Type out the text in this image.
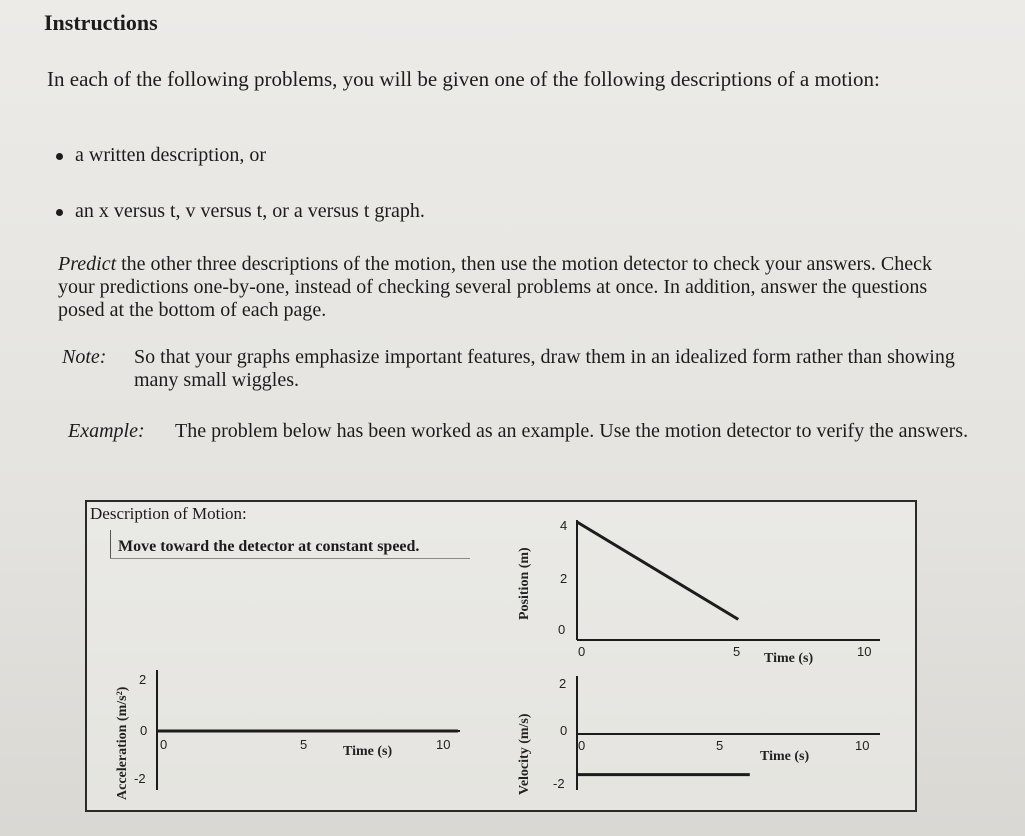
Instructions
In each of the following problems, you will be given one of the following descriptions of a motion:
a written description, or
an x versus t, v versus t, or a versus t graph.
Predict the other three descriptions of the motion, then use the motion detector to check your answers. Check your predictions one-by-one, instead of checking several problems at once. In addition, answer the questions posed at the bottom of each page.
Note: So that your graphs emphasize important features, draw them in an idealized form rather than showing many small wiggles.
Example: The problem below has been worked as an example. Use the motion detector to verify the answers.
Description of Motion:
Move toward the detector at constant speed.
4
2
0
0	5	10
Time (s)
Position (m)
2
0
-2
0	5	10
Time (s)
Velocity (m/s)
2
0
-2
0	5	10
Time (s)
Acceleration (m/s²)
